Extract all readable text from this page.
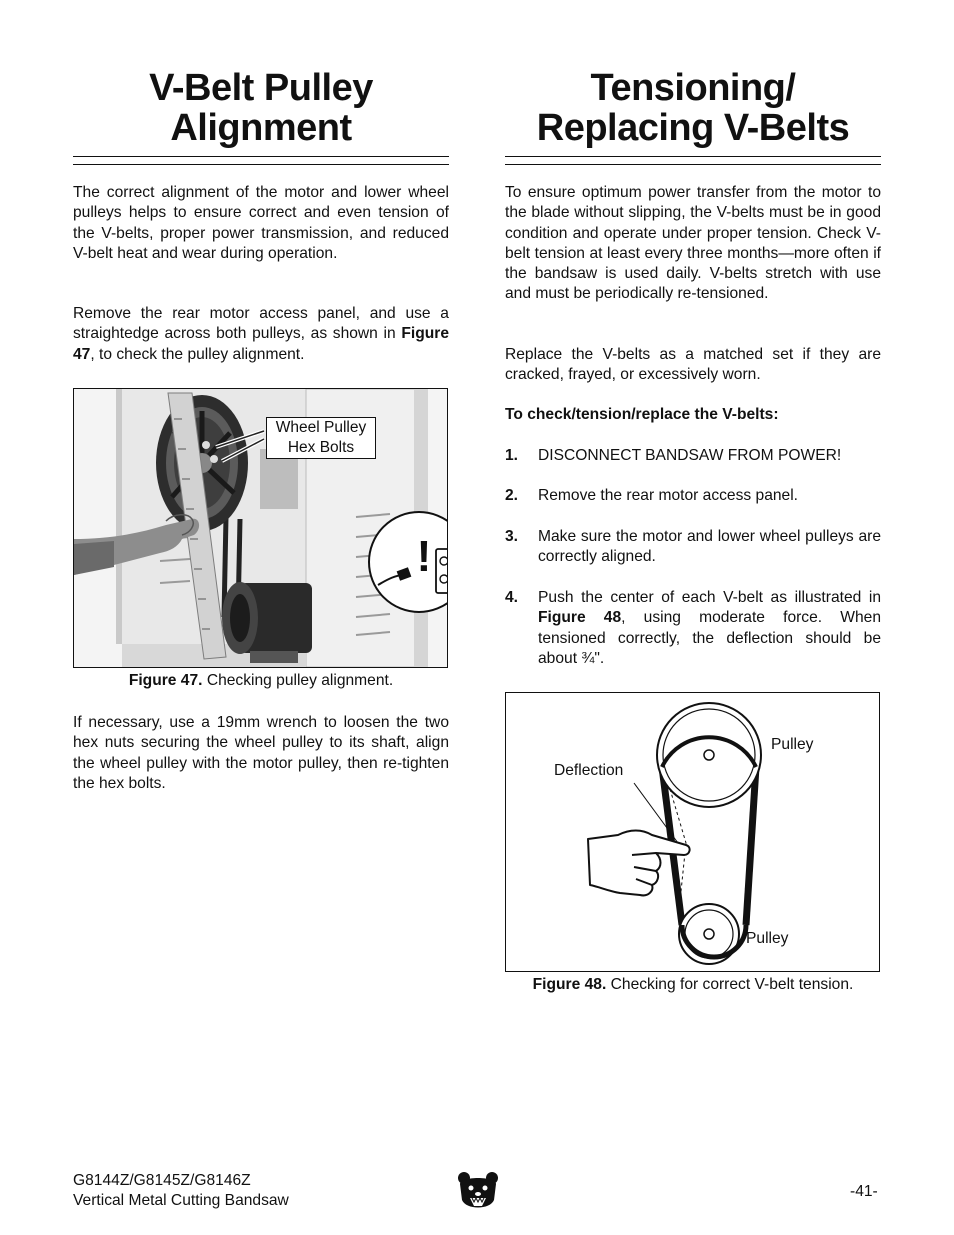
V-Belt Pulley
Alignment

The correct alignment of the motor and lower wheel pulleys helps to ensure correct and even tension of the V-belts, proper power transmission, and reduced V-belt heat and wear during operation.

Remove the rear motor access panel, and use a straightedge across both pulleys, as shown in Figure 47, to check the pulley alignment.

!
Wheel Pulley
Hex Bolts
Figure 47. Checking pulley alignment.

If necessary, use a 19mm wrench to loosen the two hex nuts securing the wheel pulley to its shaft, align the wheel pulley with the motor pulley, then re-tighten the hex bolts.

Tensioning/
Replacing V-Belts

To ensure optimum power transfer from the motor to the blade without slipping, the V-belts must be in good condition and operate under proper tension. Check V-belt tension at least every three months—more often if the bandsaw is used daily. V-belts stretch with use and must be periodically re-tensioned.

Replace the V-belts as a matched set if they are cracked, frayed, or excessively worn.

To check/tension/replace the V-belts:

1. DISCONNECT BANDSAW FROM POWER!
2. Remove the rear motor access panel.
3. Make sure the motor and lower wheel pulleys are correctly aligned.
4. Push the center of each V-belt as illustrated in Figure 48, using moderate force. When tensioned correctly, the deflection should be about ¾".
Pulley
Deflection
Pulley
Figure 48. Checking for correct V-belt tension.
G8144Z/G8145Z/G8146Z
Vertical Metal Cutting Bandsaw
-41-
